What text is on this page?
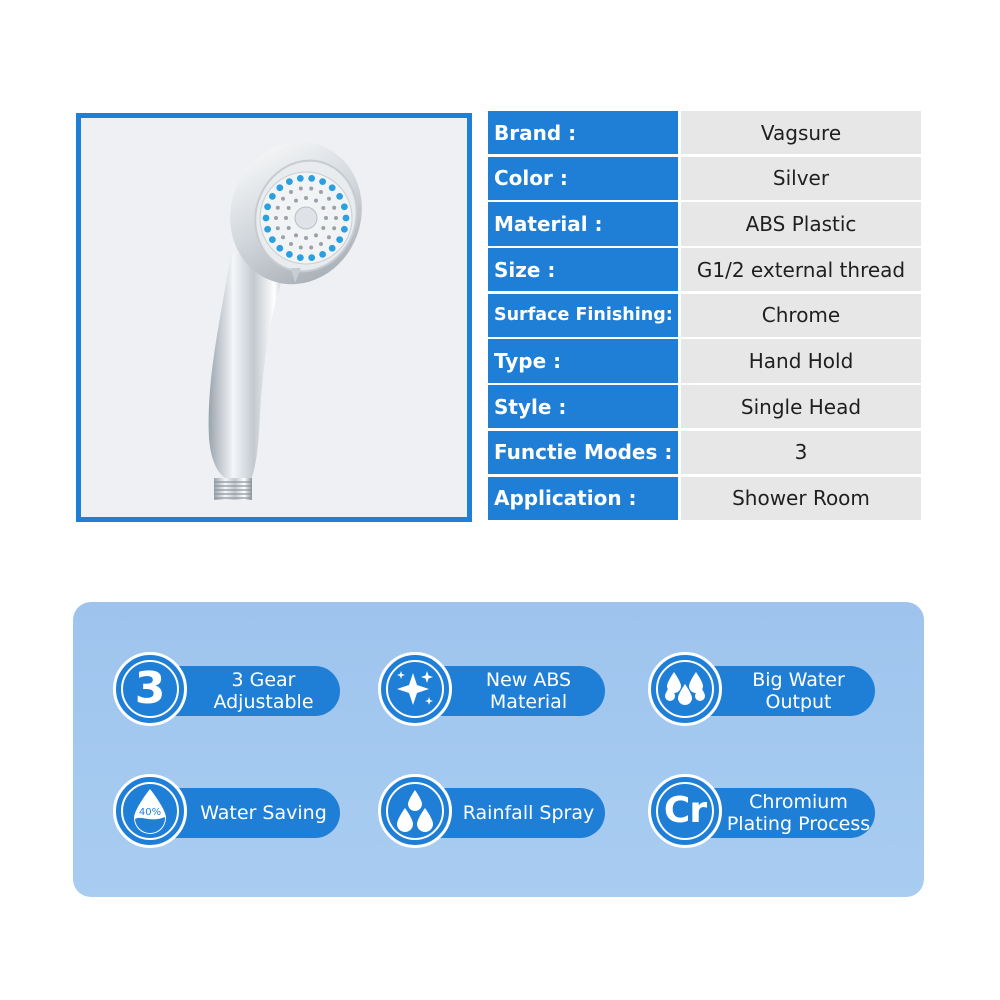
Brand :	Vagsure
Color :	Silver
Material :	ABS Plastic
Size :	G1/2 external thread
Surface Finishing:	Chrome
Type :	Hand Hold
Style :	Single Head
Functie Modes :	3
Application :	Shower Room
3 Gear
Adjustable
3	New ABS
Material
Big Water
Output
Water Saving
40%	Rainfall Spray	Chromium
Plating Process
Cr
